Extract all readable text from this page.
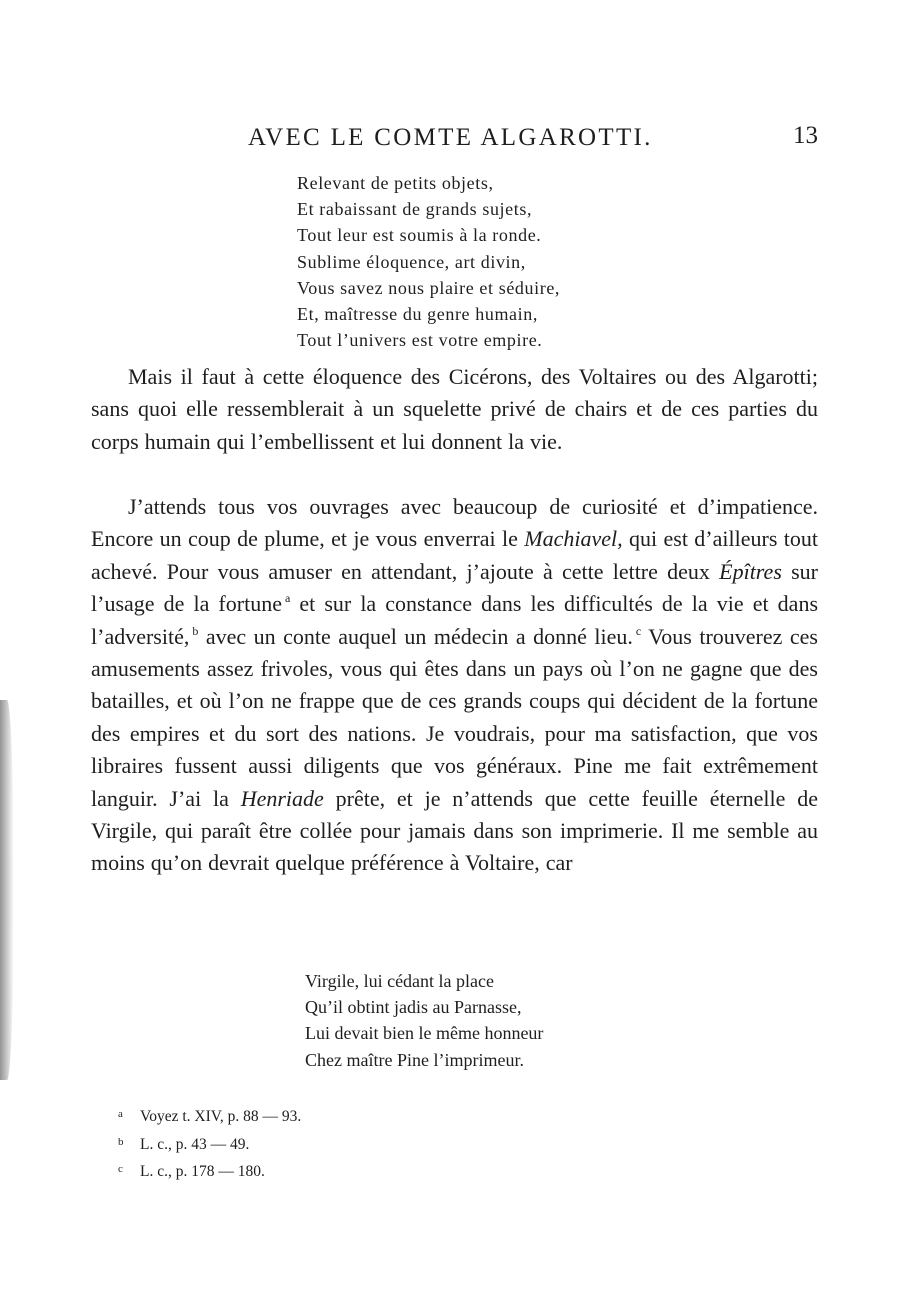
AVEC LE COMTE ALGAROTTI.	13
Relevant de petits objets,
Et rabaissant de grands sujets,
Tout leur est soumis à la ronde.
Sublime éloquence, art divin,
Vous savez nous plaire et séduire,
Et, maîtresse du genre humain,
Tout l’univers est votre empire.

Mais il faut à cette éloquence des Cicérons, des Voltaires ou des Algarotti; sans quoi elle ressemblerait à un squelette privé de chairs et de ces parties du corps humain qui l’embellissent et lui donnent la vie.

J’attends tous vos ouvrages avec beaucoup de curiosité et d’impatience. Encore un coup de plume, et je vous enverrai le Machiavel, qui est d’ailleurs tout achevé. Pour vous amuser en attendant, j’ajoute à cette lettre deux Épîtres sur l’usage de la fortune $^a$ et sur la constance dans les difficultés de la vie et dans l’adversité, $^b$ avec un conte auquel un médecin a donné lieu. $^c$ Vous trouverez ces amusements assez frivoles, vous qui êtes dans un pays où l’on ne gagne que des batailles, et où l’on ne frappe que de ces grands coups qui décident de la fortune des empires et du sort des nations. Je voudrais, pour ma satisfaction, que vos libraires fussent aussi diligents que vos généraux. Pine me fait extrêmement languir. J’ai la Henriade prête, et je n’attends que cette feuille éternelle de Virgile, qui paraît être collée pour jamais dans son imprimerie. Il me semble au moins qu’on devrait quelque préférence à Voltaire, car

Virgile, lui cédant la place
Qu’il obtint jadis au Parnasse,
Lui devait bien le même honneur
Chez maître Pine l’imprimeur.
a Voyez t. XIV, p. 88 — 93.
b L. c., p. 43 — 49.
c L. c., p. 178 — 180.
